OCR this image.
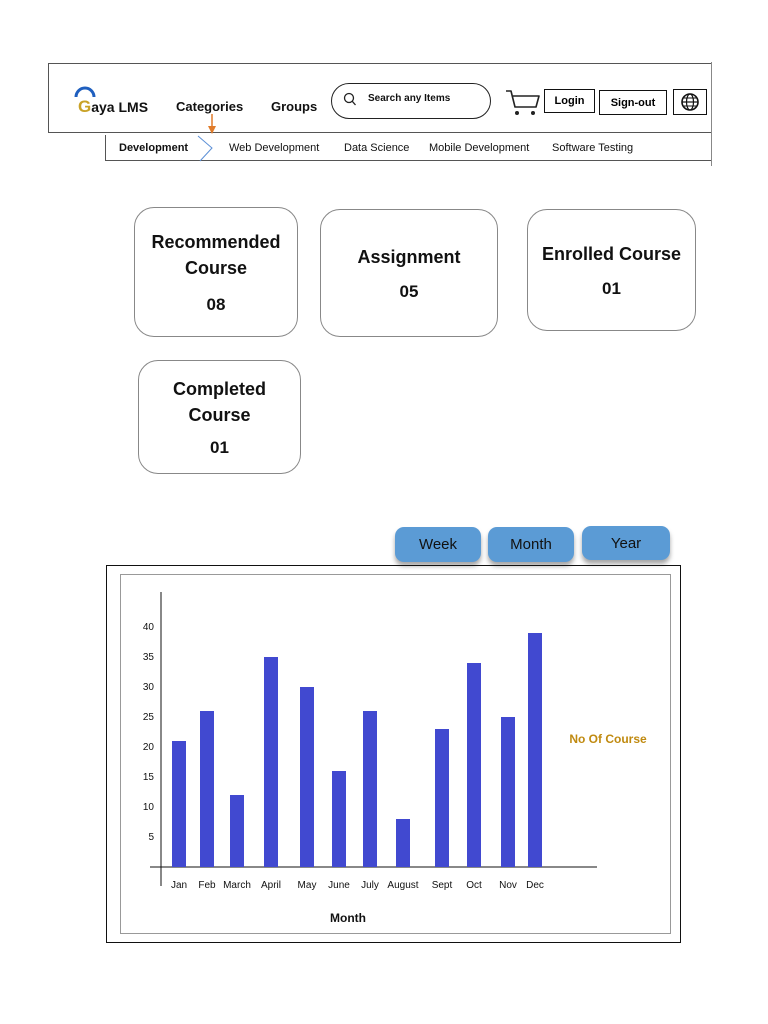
Gaya LMS Categories Groups
Search any Items	Login	Sign-out
Development	Web Development Data Science Mobile Development Software Testing
Recommended Course
08
Assignment
05
Enrolled Course
01
Completed Course
01
Week	Month	Year
5
10
15
20
25
30
35
40
Jan Feb March April May June July August Sept Oct Nov Dec
Month
No Of Course
